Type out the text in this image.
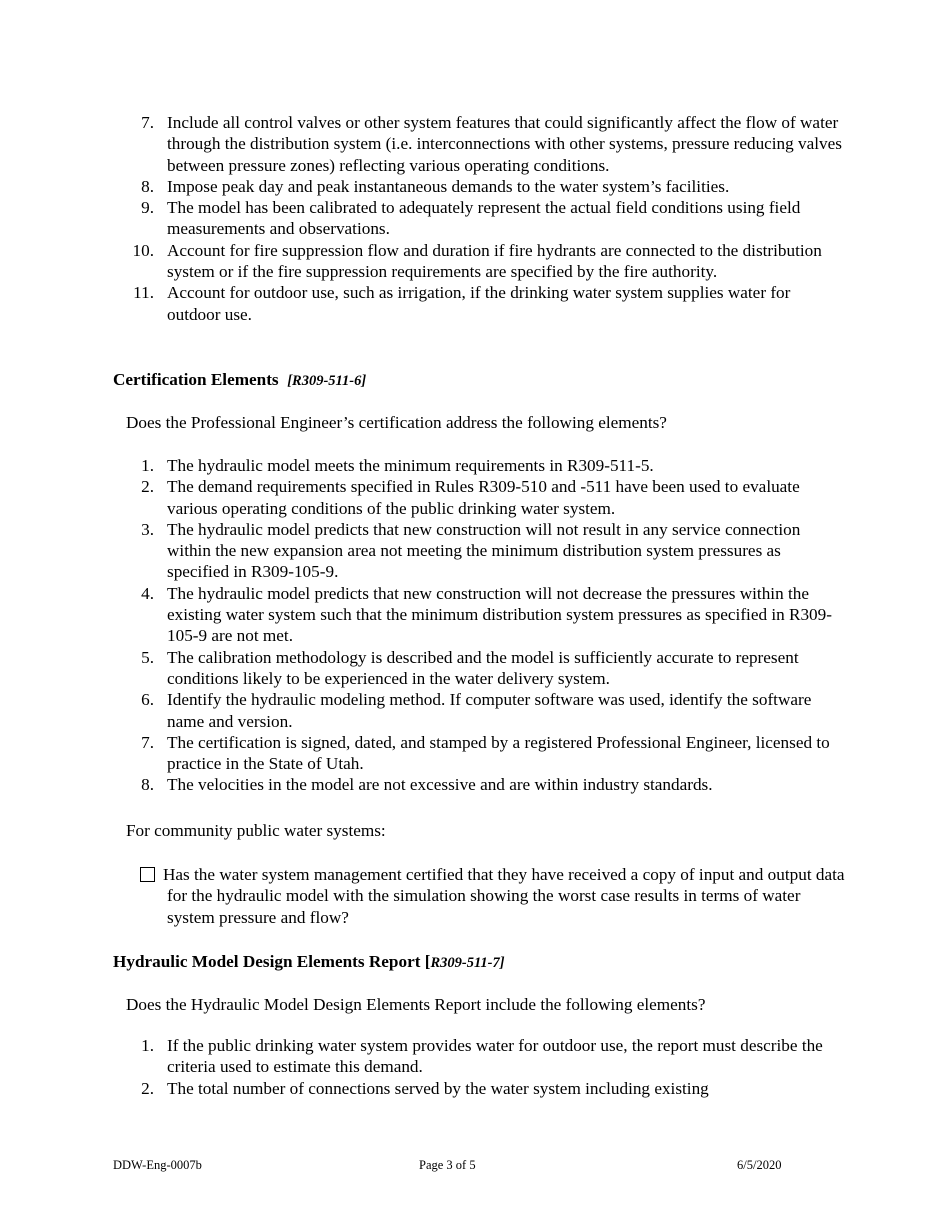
7. Include all control valves or other system features that could significantly affect the flow of water through the distribution system (i.e. interconnections with other systems, pressure reducing valves between pressure zones) reflecting various operating conditions.
8. Impose peak day and peak instantaneous demands to the water system’s facilities.
9. The model has been calibrated to adequately represent the actual field conditions using field measurements and observations.
10. Account for fire suppression flow and duration if fire hydrants are connected to the distribution system or if the fire suppression requirements are specified by the fire authority.
11. Account for outdoor use, such as irrigation, if the drinking water system supplies water for outdoor use.
Certification Elements [R309-511-6]
Does the Professional Engineer’s certification address the following elements?
1. The hydraulic model meets the minimum requirements in R309-511-5.
2. The demand requirements specified in Rules R309-510 and -511 have been used to evaluate various operating conditions of the public drinking water system.
3. The hydraulic model predicts that new construction will not result in any service connection within the new expansion area not meeting the minimum distribution system pressures as specified in R309-105-9.
4. The hydraulic model predicts that new construction will not decrease the pressures within the existing water system such that the minimum distribution system pressures as specified in R309-105-9 are not met.
5. The calibration methodology is described and the model is sufficiently accurate to represent conditions likely to be experienced in the water delivery system.
6. Identify the hydraulic modeling method. If computer software was used, identify the software name and version.
7. The certification is signed, dated, and stamped by a registered Professional Engineer, licensed to practice in the State of Utah.
8. The velocities in the model are not excessive and are within industry standards.
For community public water systems:
Has the water system management certified that they have received a copy of input and output data for the hydraulic model with the simulation showing the worst case results in terms of water system pressure and flow?
Hydraulic Model Design Elements Report [R309-511-7]
Does the Hydraulic Model Design Elements Report include the following elements?
1. If the public drinking water system provides water for outdoor use, the report must describe the criteria used to estimate this demand.
2. The total number of connections served by the water system including existing
DDW-Eng-0007b	Page 3 of 5	6/5/2020
